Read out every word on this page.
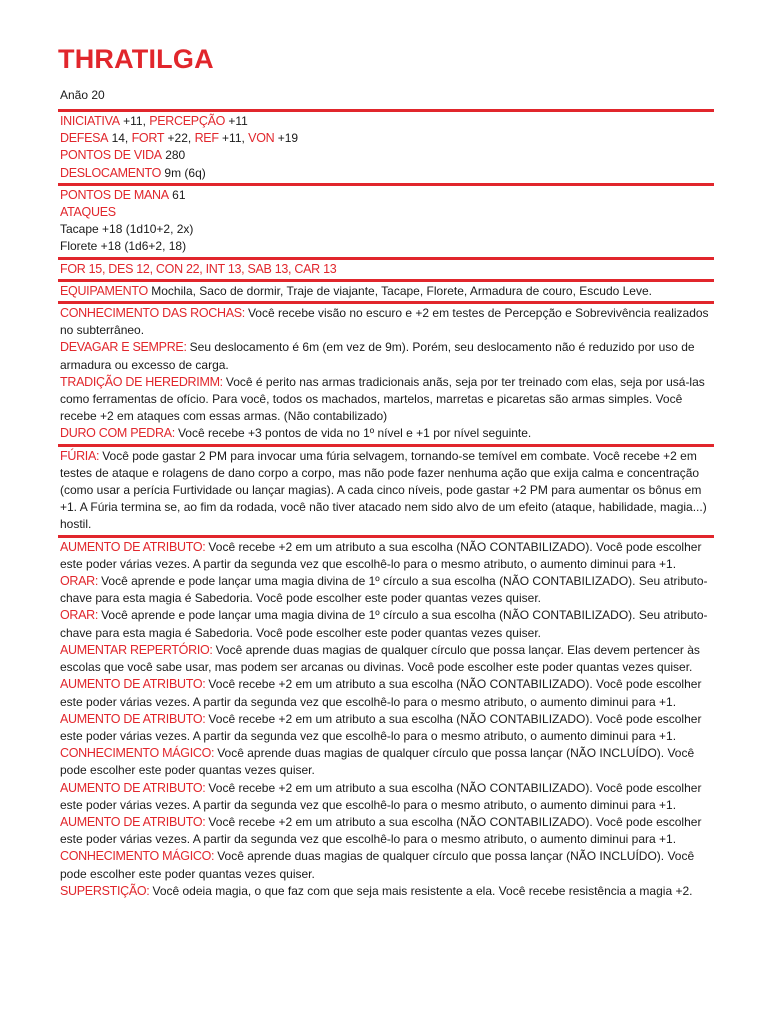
THRATILGA
Anão 20
INICIATIVA +11, PERCEPÇÃO +11
DEFESA 14, FORT +22, REF +11, VON +19
PONTOS DE VIDA 280
DESLOCAMENTO 9m (6q)
PONTOS DE MANA 61
ATAQUES
Tacape +18 (1d10+2, 2x)
Florete +18 (1d6+2, 18)
FOR 15, DES 12, CON 22, INT 13, SAB 13, CAR 13
EQUIPAMENTO Mochila, Saco de dormir, Traje de viajante, Tacape, Florete, Armadura de couro, Escudo Leve.

CONHECIMENTO DAS ROCHAS: Você recebe visão no escuro e +2 em testes de Percepção e Sobrevivência realizados no subterrâneo.

DEVAGAR E SEMPRE: Seu deslocamento é 6m (em vez de 9m). Porém, seu deslocamento não é reduzido por uso de armadura ou excesso de carga.

TRADIÇÃO DE HEREDRIMM: Você é perito nas armas tradicionais anãs, seja por ter treinado com elas, seja por usá-las como ferramentas de ofício. Para você, todos os machados, martelos, marretas e picaretas são armas simples. Você recebe +2 em ataques com essas armas. (Não contabilizado)

DURO COM PEDRA: Você recebe +3 pontos de vida no 1º nível e +1 por nível seguinte.

FÚRIA: Você pode gastar 2 PM para invocar uma fúria selvagem, tornando-se temível em combate. Você recebe +2 em testes de ataque e rolagens de dano corpo a corpo, mas não pode fazer nenhuma ação que exija calma e concentração (como usar a perícia Furtividade ou lançar magias). A cada cinco níveis, pode gastar +2 PM para aumentar os bônus em +1. A Fúria termina se, ao fim da rodada, você não tiver atacado nem sido alvo de um efeito (ataque, habilidade, magia...) hostil.

AUMENTO DE ATRIBUTO: Você recebe +2 em um atributo a sua escolha (NÃO CONTABILIZADO). Você pode escolher este poder várias vezes. A partir da segunda vez que escolhê-lo para o mesmo atributo, o aumento diminui para +1.

ORAR: Você aprende e pode lançar uma magia divina de 1º círculo a sua escolha (NÃO CONTABILIZADO). Seu atributo-chave para esta magia é Sabedoria. Você pode escolher este poder quantas vezes quiser.

ORAR: Você aprende e pode lançar uma magia divina de 1º círculo a sua escolha (NÃO CONTABILIZADO). Seu atributo-chave para esta magia é Sabedoria. Você pode escolher este poder quantas vezes quiser.

AUMENTAR REPERTÓRIO: Você aprende duas magias de qualquer círculo que possa lançar. Elas devem pertencer às escolas que você sabe usar, mas podem ser arcanas ou divinas. Você pode escolher este poder quantas vezes quiser.

AUMENTO DE ATRIBUTO: Você recebe +2 em um atributo a sua escolha (NÃO CONTABILIZADO). Você pode escolher este poder várias vezes. A partir da segunda vez que escolhê-lo para o mesmo atributo, o aumento diminui para +1.

AUMENTO DE ATRIBUTO: Você recebe +2 em um atributo a sua escolha (NÃO CONTABILIZADO). Você pode escolher este poder várias vezes. A partir da segunda vez que escolhê-lo para o mesmo atributo, o aumento diminui para +1.

CONHECIMENTO MÁGICO: Você aprende duas magias de qualquer círculo que possa lançar (NÃO INCLUÍDO). Você pode escolher este poder quantas vezes quiser.

AUMENTO DE ATRIBUTO: Você recebe +2 em um atributo a sua escolha (NÃO CONTABILIZADO). Você pode escolher este poder várias vezes. A partir da segunda vez que escolhê-lo para o mesmo atributo, o aumento diminui para +1.

AUMENTO DE ATRIBUTO: Você recebe +2 em um atributo a sua escolha (NÃO CONTABILIZADO). Você pode escolher este poder várias vezes. A partir da segunda vez que escolhê-lo para o mesmo atributo, o aumento diminui para +1.

CONHECIMENTO MÁGICO: Você aprende duas magias de qualquer círculo que possa lançar (NÃO INCLUÍDO). Você pode escolher este poder quantas vezes quiser.

SUPERSTIÇÃO: Você odeia magia, o que faz com que seja mais resistente a ela. Você recebe resistência a magia +2.
